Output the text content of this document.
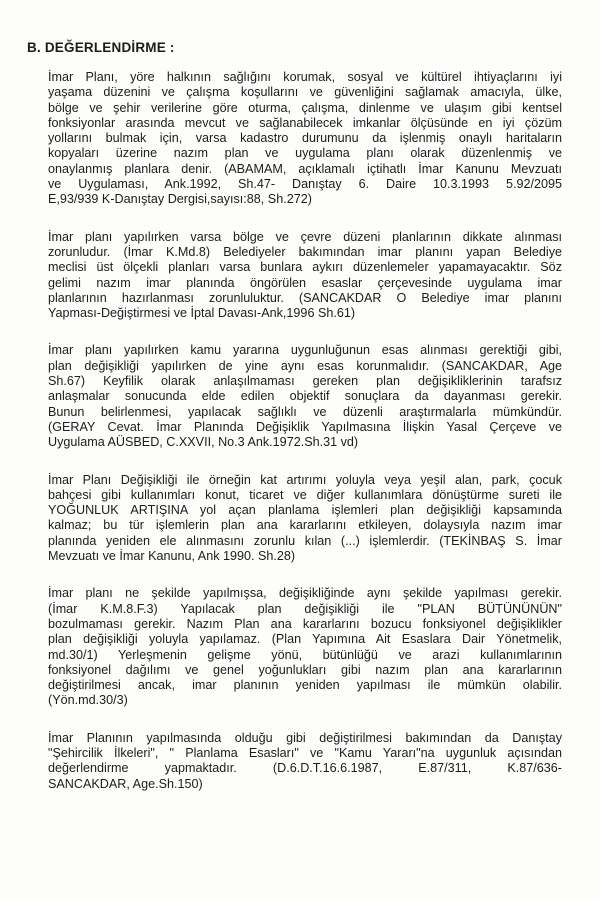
B. DEĞERLENDİRME :
İmar Planı, yöre halkının sağlığını korumak, sosyal ve kültürel ihtiyaçlarını iyi
yaşama düzenini ve çalışma koşullarını ve güvenliğini sağlamak amacıyla, ülke,
bölge ve şehir verilerine göre oturma, çalışma, dinlenme ve ulaşım gibi kentsel
fonksiyonlar arasında mevcut ve sağlanabilecek imkanlar ölçüsünde en iyi çözüm
yollarını bulmak için, varsa kadastro durumunu da işlenmiş onaylı haritaların
kopyaları üzerine nazım plan ve uygulama planı olarak düzenlenmiş ve
onaylanmış planlara denir. (ABAMAM, açıklamalı içtihatlı İmar Kanunu Mevzuatı
ve Uygulaması, Ank.1992, Sh.47- Danıştay 6. Daire 10.3.1993 5.92/2095
E,93/939 K-Danıştay Dergisi,sayısı:88, Sh.272)
İmar planı yapılırken varsa bölge ve çevre düzeni planlarının dikkate alınması
zorunludur. (İmar K.Md.8) Belediyeler bakımından imar planını yapan Belediye
meclisi üst ölçekli planları varsa bunlara aykırı düzenlemeler yapamayacaktır. Söz
gelimi nazım imar planında öngörülen esaslar çerçevesinde uygulama imar
planlarının hazırlanması zorunluluktur. (SANCAKDAR O Belediye imar planını
Yapması-Değiştirmesi ve İptal Davası-Ank,1996 Sh.61)
İmar planı yapılırken kamu yararına uygunluğunun esas alınması gerektiği gibi,
plan değişikliği yapılırken de yine aynı esas korunmalıdır. (SANCAKDAR, Age
Sh.67) Keyfilik olarak anlaşılmaması gereken plan değişikliklerinin tarafsız
anlaşmalar sonucunda elde edilen objektif sonuçlara da dayanması gerekir.
Bunun belirlenmesi, yapılacak sağlıklı ve düzenli araştırmalarla mümkündür.
(GERAY Cevat. İmar Planında Değişiklik Yapılmasına İlişkin Yasal Çerçeve ve
Uygulama AÜSBED, C.XXVII, No.3 Ank.1972.Sh.31 vd)
İmar Planı Değişikliği ile örneğin kat artırımı yoluyla veya yeşil alan, park, çocuk
bahçesi gibi kullanımları konut, ticaret ve diğer kullanımlara dönüştürme sureti ile
YOĞUNLUK ARTIŞINA yol açan planlama işlemleri plan değişikliği kapsamında
kalmaz; bu tür işlemlerin plan ana kararlarını etkileyen, dolaysıyla nazım imar
planında yeniden ele alınmasını zorunlu kılan (...) işlemlerdir. (TEKİNBAŞ S. İmar
Mevzuatı ve İmar Kanunu, Ank 1990. Sh.28)
İmar planı ne şekilde yapılmışsa, değişikliğinde aynı şekilde yapılması gerekir.
(İmar K.M.8.F.3) Yapılacak plan değişikliği ile "PLAN BÜTÜNÜNÜN"
bozulmaması gerekir. Nazım Plan ana kararlarını bozucu fonksiyonel değişiklikler
plan değişikliği yoluyla yapılamaz. (Plan Yapımına Ait Esaslara Dair Yönetmelik,
md.30/1) Yerleşmenin gelişme yönü, bütünlüğü ve arazi kullanımlarının
fonksiyonel dağılımı ve genel yoğunlukları gibi nazım plan ana kararlarının
değiştirilmesi ancak, imar planının yeniden yapılması ile mümkün olabilir.
(Yön.md.30/3)
İmar Planının yapılmasında olduğu gibi değiştirilmesi bakımından da Danıştay
"Şehircilik İlkeleri", " Planlama Esasları" ve "Kamu Yararı"na uygunluk açısından
değerlendirme yapmaktadır. (D.6.D.T.16.6.1987, E.87/311, K.87/636-
SANCAKDAR, Age.Sh.150)
